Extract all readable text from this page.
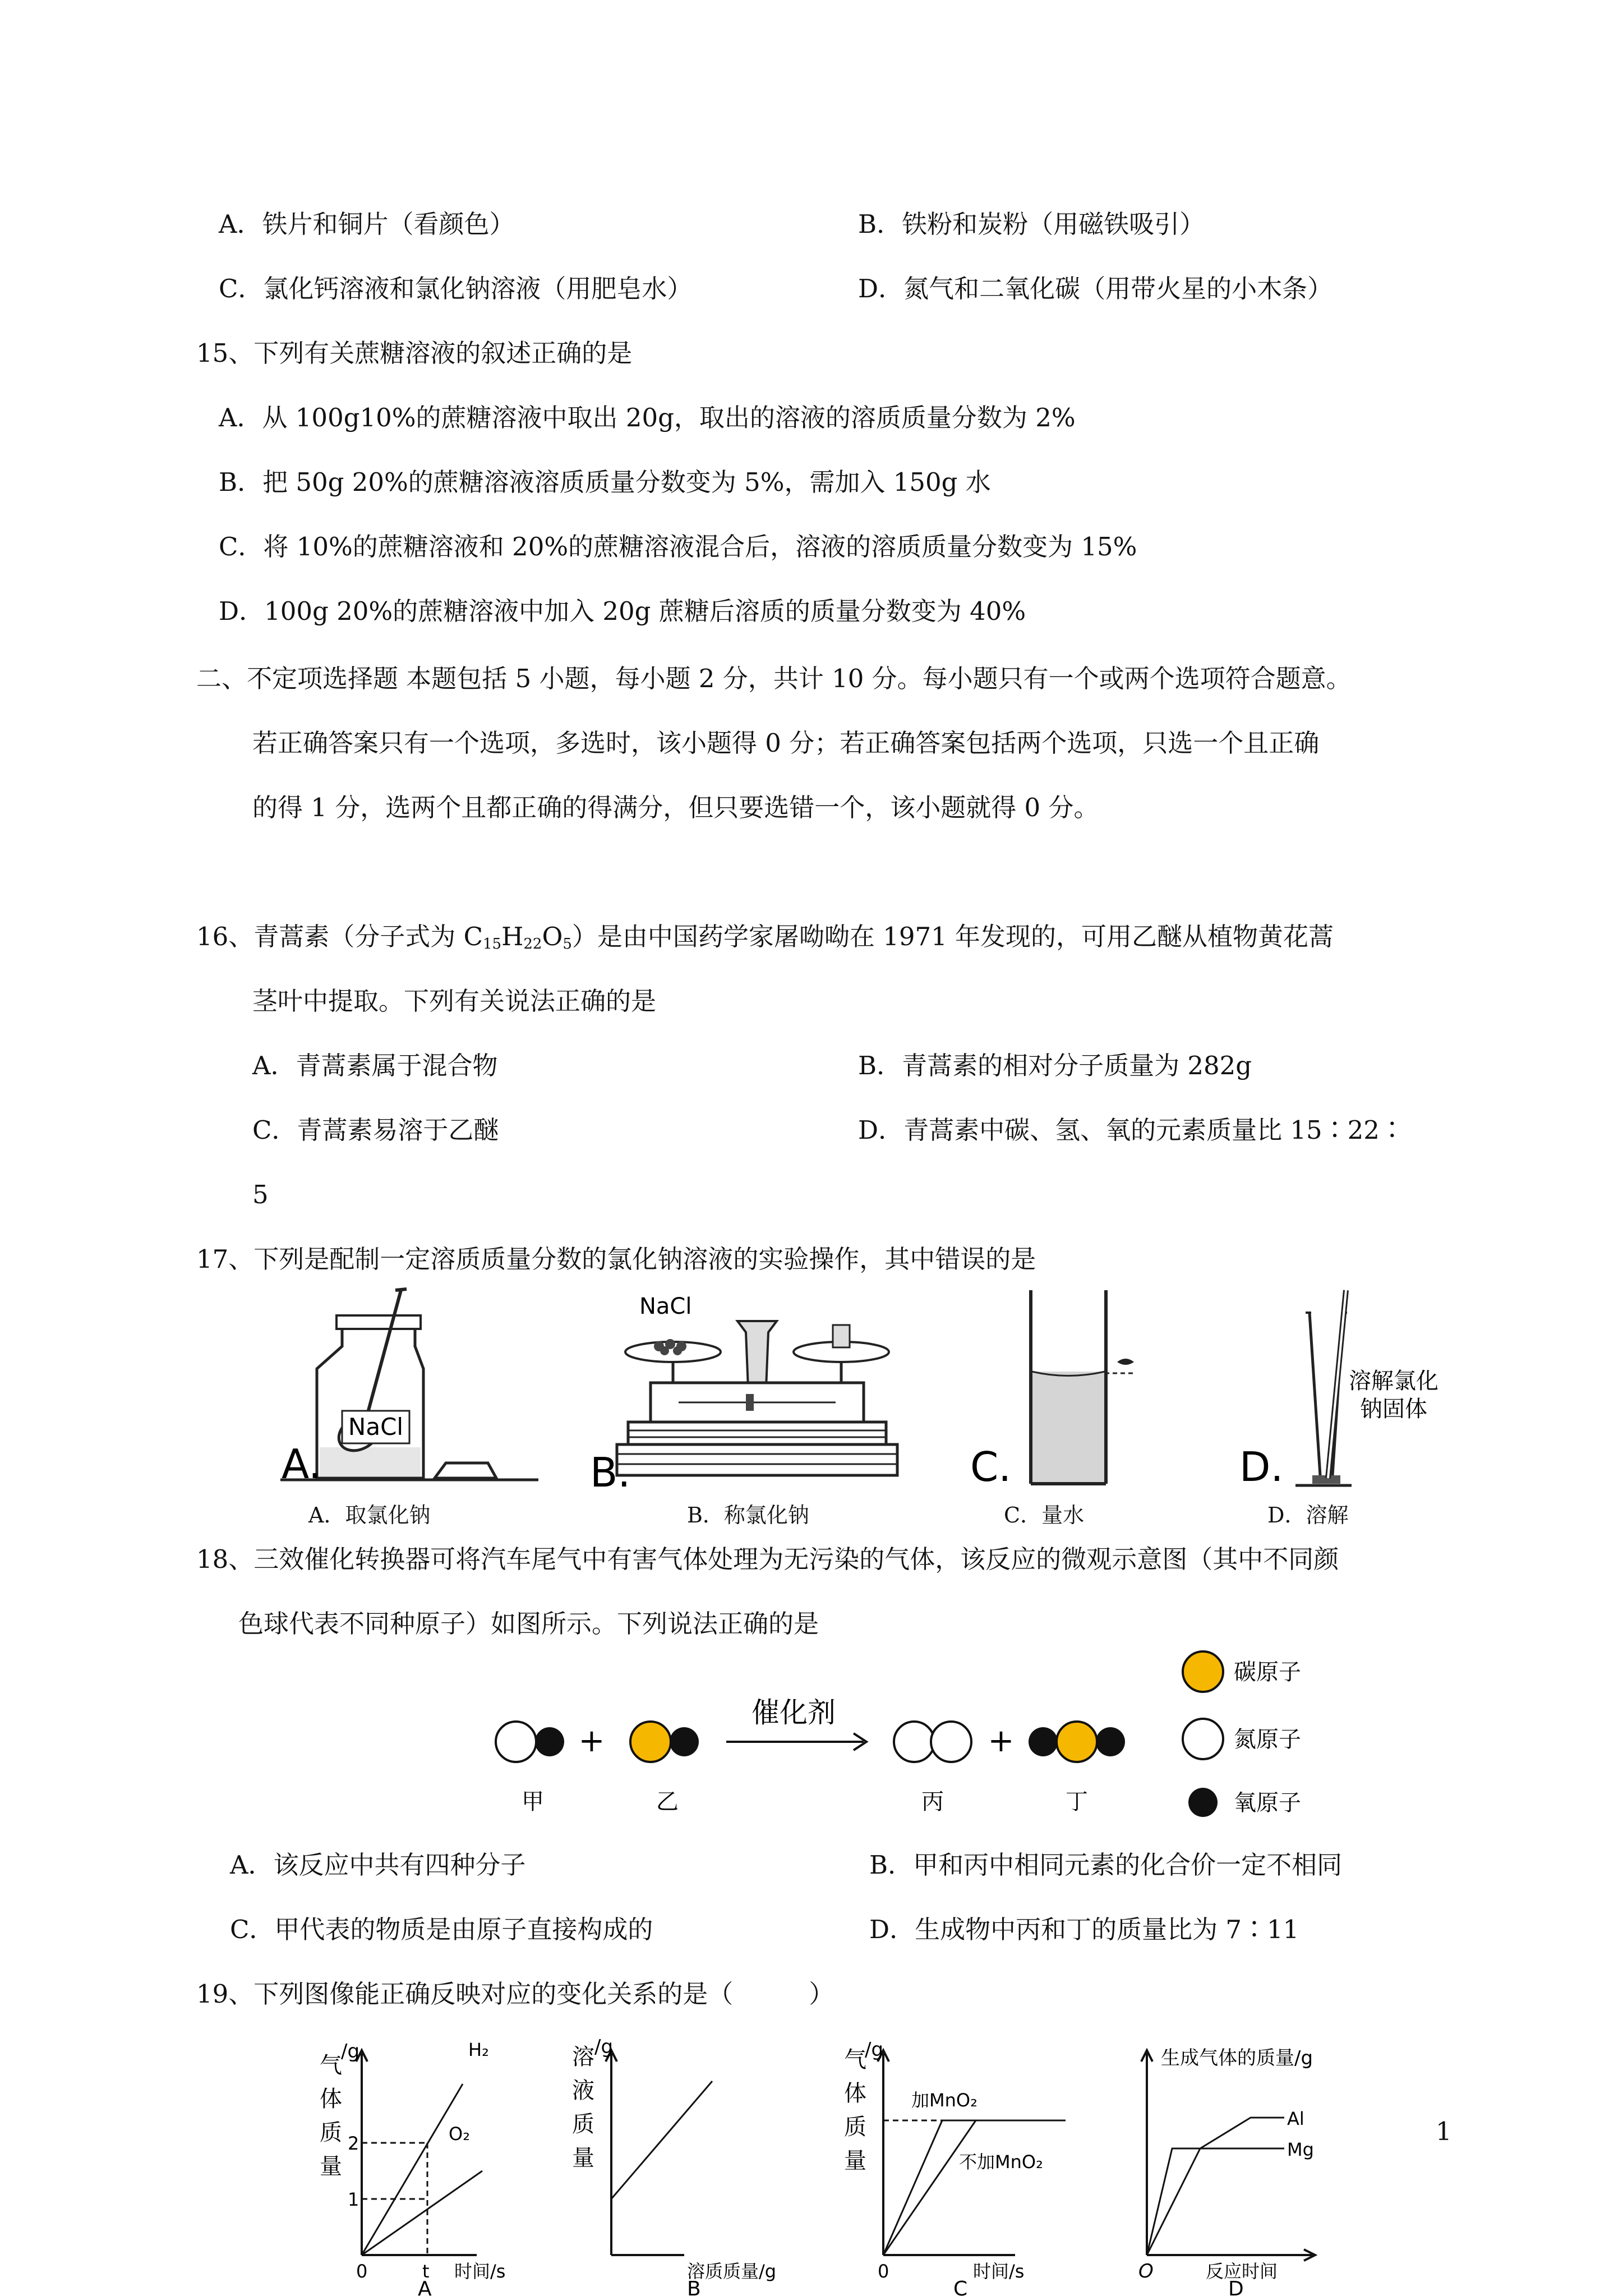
A．铁片和铜片（看颜色）	B．铁粉和炭粉（用磁铁吸引）
C．氯化钙溶液和氯化钠溶液（用肥皂水）	D．氮气和二氧化碳（用带火星的小木条）
15、下列有关蔗糖溶液的叙述正确的是
A．从 100g10%的蔗糖溶液中取出 20g，取出的溶液的溶质质量分数为 2%
B．把 50g 20%的蔗糖溶液溶质质量分数变为 5%，需加入 150g 水
C．将 10%的蔗糖溶液和 20%的蔗糖溶液混合后，溶液的溶质质量分数变为 15%
D．100g 20%的蔗糖溶液中加入 20g 蔗糖后溶质的质量分数变为 40%
二、不定项选择题 本题包括 5 小题，每小题 2 分，共计 10 分。每小题只有一个或两个选项符合题意。
若正确答案只有一个选项，多选时，该小题得 0 分；若正确答案包括两个选项，只选一个且正确
的得 1 分，选两个且都正确的得满分，但只要选错一个，该小题就得 0 分。
16、青蒿素（分子式为 $C_{15}H_{22}O_5$）是由中国药学家屠呦呦在 1971 年发现的，可用乙醚从植物黄花蒿
茎叶中提取。下列有关说法正确的是
A．青蒿素属于混合物	B．青蒿素的相对分子质量为 282g
C．青蒿素易溶于乙醚	D．青蒿素中碳、氢、氧的元素质量比 15∶22∶
5
17、下列是配制一定溶质质量分数的氯化钠溶液的实验操作，其中错误的是
NaCl
A.
NaCl
B.	C.
溶解氯化
钠固体
D.
A．取氯化钠	B．称氯化钠	C．量水	D．溶解
18、三效催化转换器可将汽车尾气中有害气体处理为无污染的气体，该反应的微观示意图（其中不同颜
色球代表不同种原子）如图所示。下列说法正确的是
+
催化剂
+
甲	乙	丙	丁
碳原子
氮原子
氧原子
A．该反应中共有四种分子	B．甲和丙中相同元素的化合价一定不相同
C．甲代表的物质是由原子直接构成的	D．生成物中丙和丁的质量比为 7∶11
19、下列图像能正确反映对应的变化关系的是（　　　）
气
/g
体
质
量
2
1
0	t
H₂
O₂
时间/s
A
溶 /g
液
质
量
溶质质量/g
B
气
/g
体
质
量
加MnO₂
不加MnO₂
0	时间/s
C
生成气体的质量/g
Al
Mg
O	反应时间
D
1
